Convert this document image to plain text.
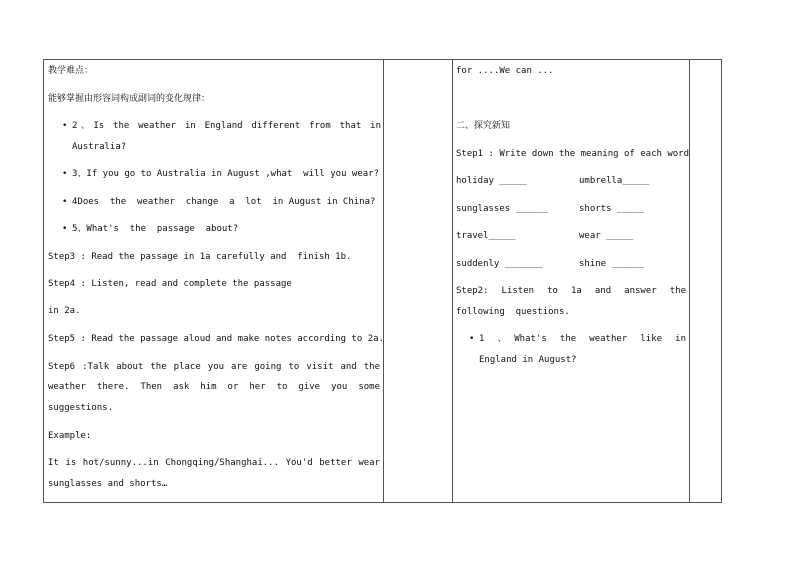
教学难点：
能够掌握由形容词构成副词的变化规律：
• 2、Is the weather in England different from that in
Australia?
• 3、If you go to Australia in August ,what  will you wear?
• 4Does  the  weather  change  a  lot  in August in China?
• 5、What's  the  passage  about?
Step3 : Read the passage in 1a carefully and  finish 1b.
Step4 : Listen, read and complete the passage
in 2a.
Step5 : Read the passage aloud and make notes according to 2a.
Step6 :Talk about the place you are going to visit and the
weather there. Then ask him or her to give you some
suggestions.
Example:
It is hot/sunny...in Chongqing/Shanghai... You'd better wear
sunglasses and shorts…
for ....We can ...
二、探究新知
Step1 : Write down the meaning of each word
holiday _____	umbrella_____
sunglasses ______	shorts _____
travel_____	wear _____
suddenly _______	shine ______
Step2: Listen to 1a and answer the
following  questions.
• 1 、What's the weather like in
England in August?
